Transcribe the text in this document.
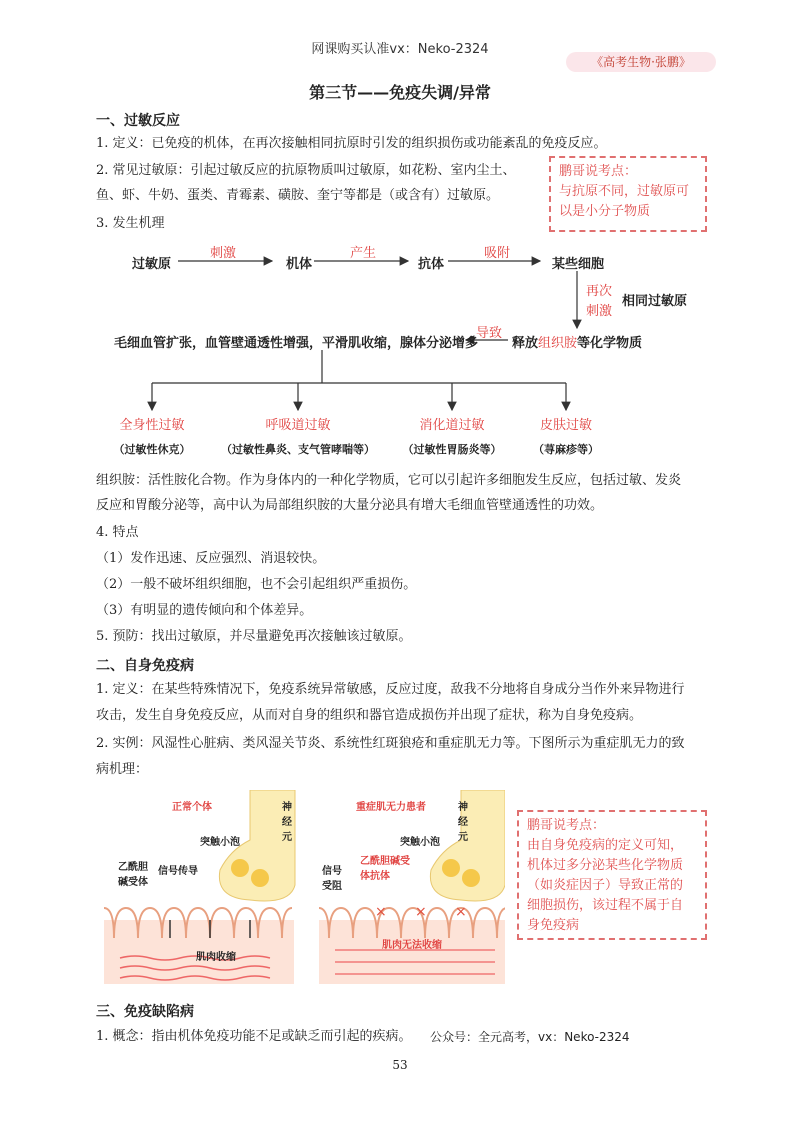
网课购买认准vx：Neko-2324
《高考生物·张鹏》
第三节——免疫失调/异常
一、过敏反应
1. 定义：已免疫的机体，在再次接触相同抗原时引发的组织损伤或功能紊乱的免疫反应。
2. 常见过敏原：引起过敏反应的抗原物质叫过敏原，如花粉、室内尘土、
鱼、虾、牛奶、蛋类、青霉素、磺胺、奎宁等都是（或含有）过敏原。
3. 发生机理
鹏哥说考点：
与抗原不同，过敏原可
以是小分子物质
过敏原
刺激
机体
产生
抗体
吸附
某些细胞
再次
刺激
相同过敏原
毛细血管扩张，血管壁通透性增强，平滑肌收缩，腺体分泌增多
导致
释放组织胺等化学物质
全身性过敏
（过敏性休克）
呼吸道过敏
（过敏性鼻炎、支气管哮喘等）
消化道过敏
（过敏性胃肠炎等）
皮肤过敏
（荨麻疹等）
组织胺：活性胺化合物。作为身体内的一种化学物质，它可以引起许多细胞发生反应，包括过敏、发炎
反应和胃酸分泌等，高中认为局部组织胺的大量分泌具有增大毛细血管壁通透性的功效。
4. 特点
（1）发作迅速、反应强烈、消退较快。
（2）一般不破坏组织细胞，也不会引起组织严重损伤。
（3）有明显的遗传倾向和个体差异。
5. 预防：找出过敏原，并尽量避免再次接触该过敏原。
二、自身免疫病
1. 定义：在某些特殊情况下，免疫系统异常敏感，反应过度，敌我不分地将自身成分当作外来异物进行
攻击，发生自身免疫反应，从而对自身的组织和器官造成损伤并出现了症状，称为自身免疫病。
2. 实例：风湿性心脏病、类风湿关节炎、系统性红斑狼疮和重症肌无力等。下图所示为重症肌无力的致
病机理：
× × ×
正常个体	重症肌无力患者
神经元
神经元
突触小泡	突触小泡
乙酰胆碱受体
信号传导
肌肉收缩
乙酰胆碱受体抗体
信号受阻
肌肉无法收缩
鹏哥说考点：
由自身免疫病的定义可知，
机体过多分泌某些化学物质
（如炎症因子）导致正常的
细胞损伤，该过程不属于自
身免疫病
三、免疫缺陷病
1. 概念：指由机体免疫功能不足或缺乏而引起的疾病。 公众号：全元高考，vx：Neko-2324
53
